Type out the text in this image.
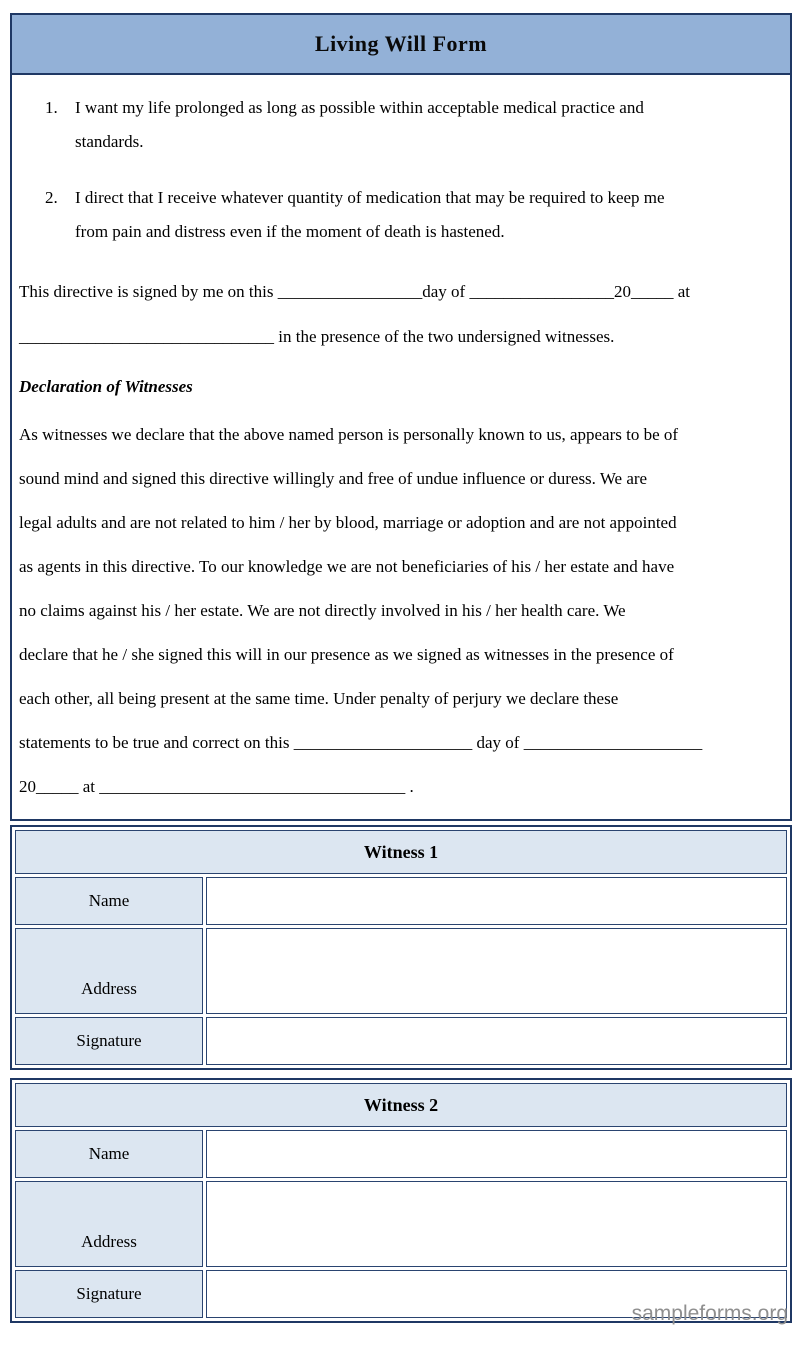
Living Will Form
1. I want my life prolonged as long as possible within acceptable medical practice and
standards.
2. I direct that I receive whatever quantity of medication that may be required to keep me
from pain and distress even if the moment of death is hastened.
This directive is signed by me on this _________________day of _________________20_____ at
______________________________ in the presence of the two undersigned witnesses.
Declaration of Witnesses
As witnesses we declare that the above named person is personally known to us, appears to be of
sound mind and signed this directive willingly and free of undue influence or duress. We are
legal adults and are not related to him / her by blood, marriage or adoption and are not appointed
as agents in this directive. To our knowledge we are not beneficiaries of his / her estate and have
no claims against his / her estate. We are not directly involved in his / her health care. We
declare that he / she signed this will in our presence as we signed as witnesses in the presence of
each other, all being present at the same time. Under penalty of perjury we declare these
statements to be true and correct on this _____________________ day of _____________________
20_____ at ____________________________________ .
Witness 1	
Name	
Address	
Signature	
Witness 2	
Name	
Address	
Signature	
sampleforms.org
